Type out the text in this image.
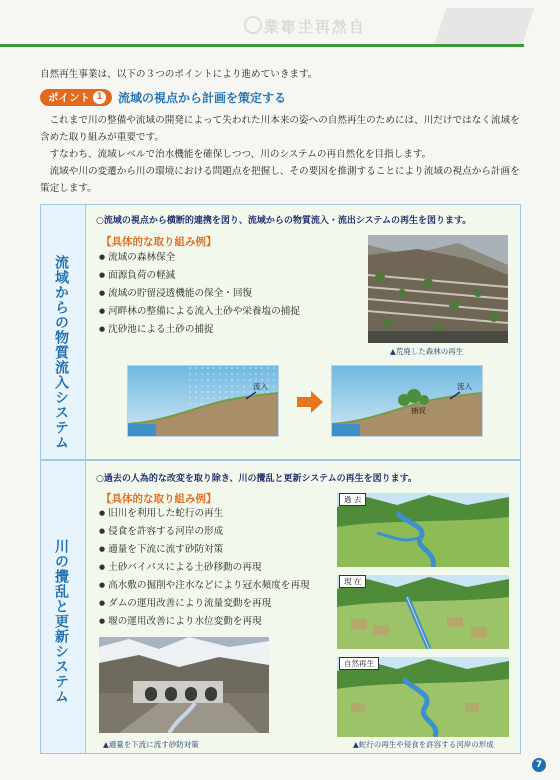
自然再生事業
自然再生事業は、以下の３つのポイントにより進めていきます。
ポイント 1 流域の視点から計画を策定する

これまで川の整備や流域の開発によって失われた川本来の姿への自然再生のためには、川だけではなく流域を含めた取り組みが重要です。

すなわち、流域レベルで治水機能を確保しつつ、川のシステムの再自然化を目指します。

流域や川の変遷から川の環境における問題点を把握し、その要因を推測することにより流域の視点から計画を策定します。

流域からの物質流入システム
○流域の視点から横断的連携を図り、流域からの物質流入・流出システムの再生を図ります。
【具体的な取り組み例】
● 流域の森林保全
● 面源負荷の軽減
● 流域の貯留浸透機能の保全・回復
● 河畔林の整備による流入土砂や栄養塩の捕捉
● 沈砂池による土砂の捕捉
▲荒廃した森林の再生
流入	流入
捕捉
川の攪乱と更新システム
○過去の人為的な改変を取り除き、川の攪乱と更新システムの再生を図ります。
【具体的な取り組み例】
● 旧川を利用した蛇行の再生
● 侵食を許容する河岸の形成
● 適量を下流に流す砂防対策
● 土砂バイパスによる土砂移動の再現
● 高水敷の掘削や注水などにより冠水頻度を再現
● ダムの運用改善により流量変動を再現
● 堰の運用改善により水位変動を再現
▲適量を下流に流す砂防対策
過 去
現 在
自然再生
▲蛇行の再生や侵食を許容する河岸の形成
7
